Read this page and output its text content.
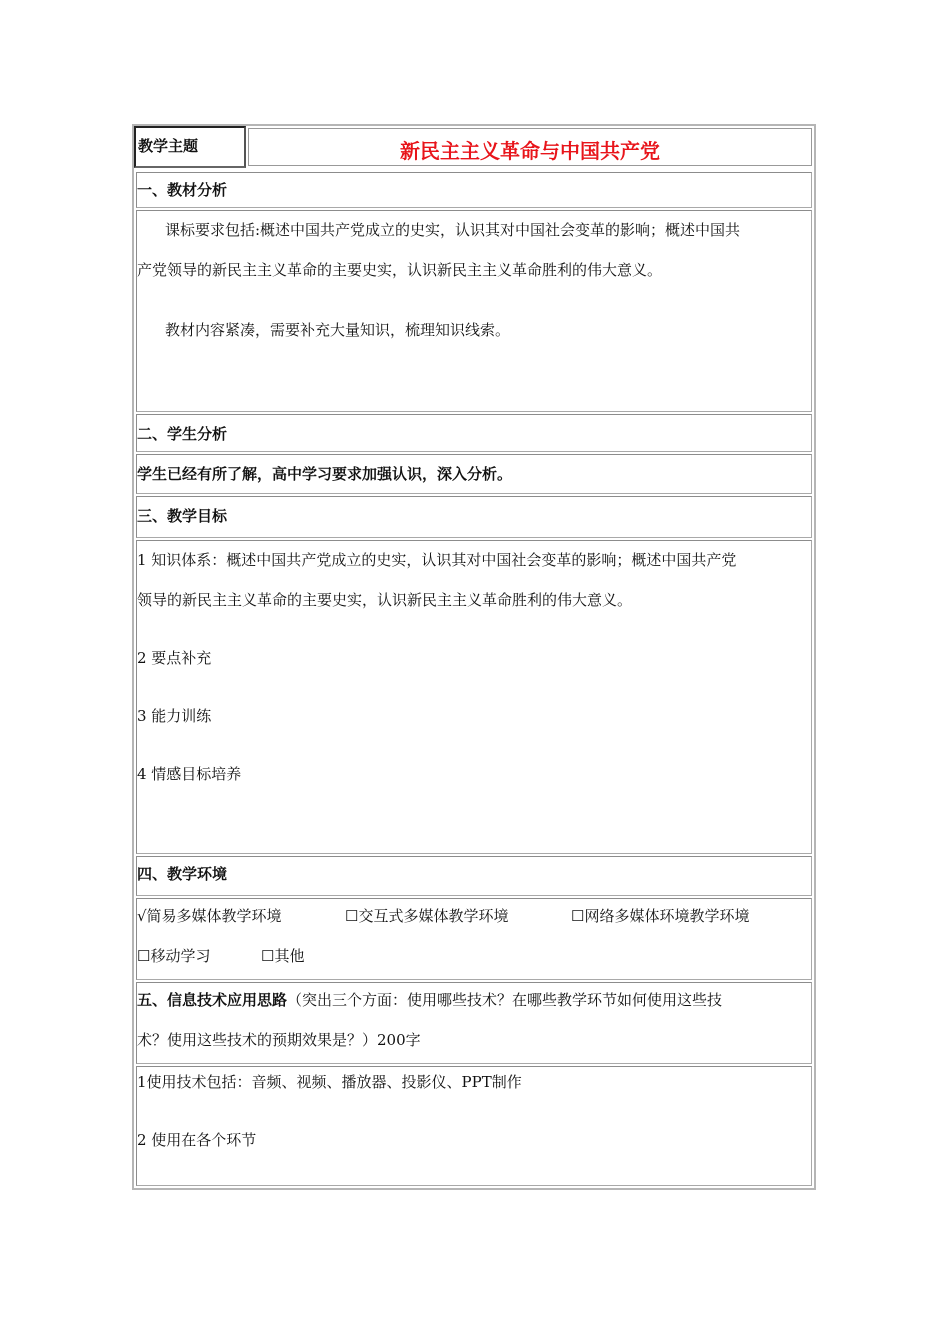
教学主题	新民主主义革命与中国共产党
一、教材分析
课标要求包括:概述中国共产党成立的史实，认识其对中国社会变革的影响；概述中国共
产党领导的新民主主义革命的主要史实，认识新民主主义革命胜利的伟大意义。
教材内容紧凑，需要补充大量知识，梳理知识线索。
二、学生分析
学生已经有所了解，高中学习要求加强认识，深入分析。
三、教学目标
1 知识体系：概述中国共产党成立的史实，认识其对中国社会变革的影响；概述中国共产党
领导的新民主主义革命的主要史实，认识新民主主义革命胜利的伟大意义。
2 要点补充
3 能力训练
4 情感目标培养
四、教学环境
√简易多媒体教学环境	☐交互式多媒体教学环境	☐网络多媒体环境教学环境
☐移动学习	☐其他
五、信息技术应用思路（突出三个方面：使用哪些技术？在哪些教学环节如何使用这些技
术？使用这些技术的预期效果是？）200字
1使用技术包括：音频、视频、播放器、投影仪、PPT制作
2 使用在各个环节
